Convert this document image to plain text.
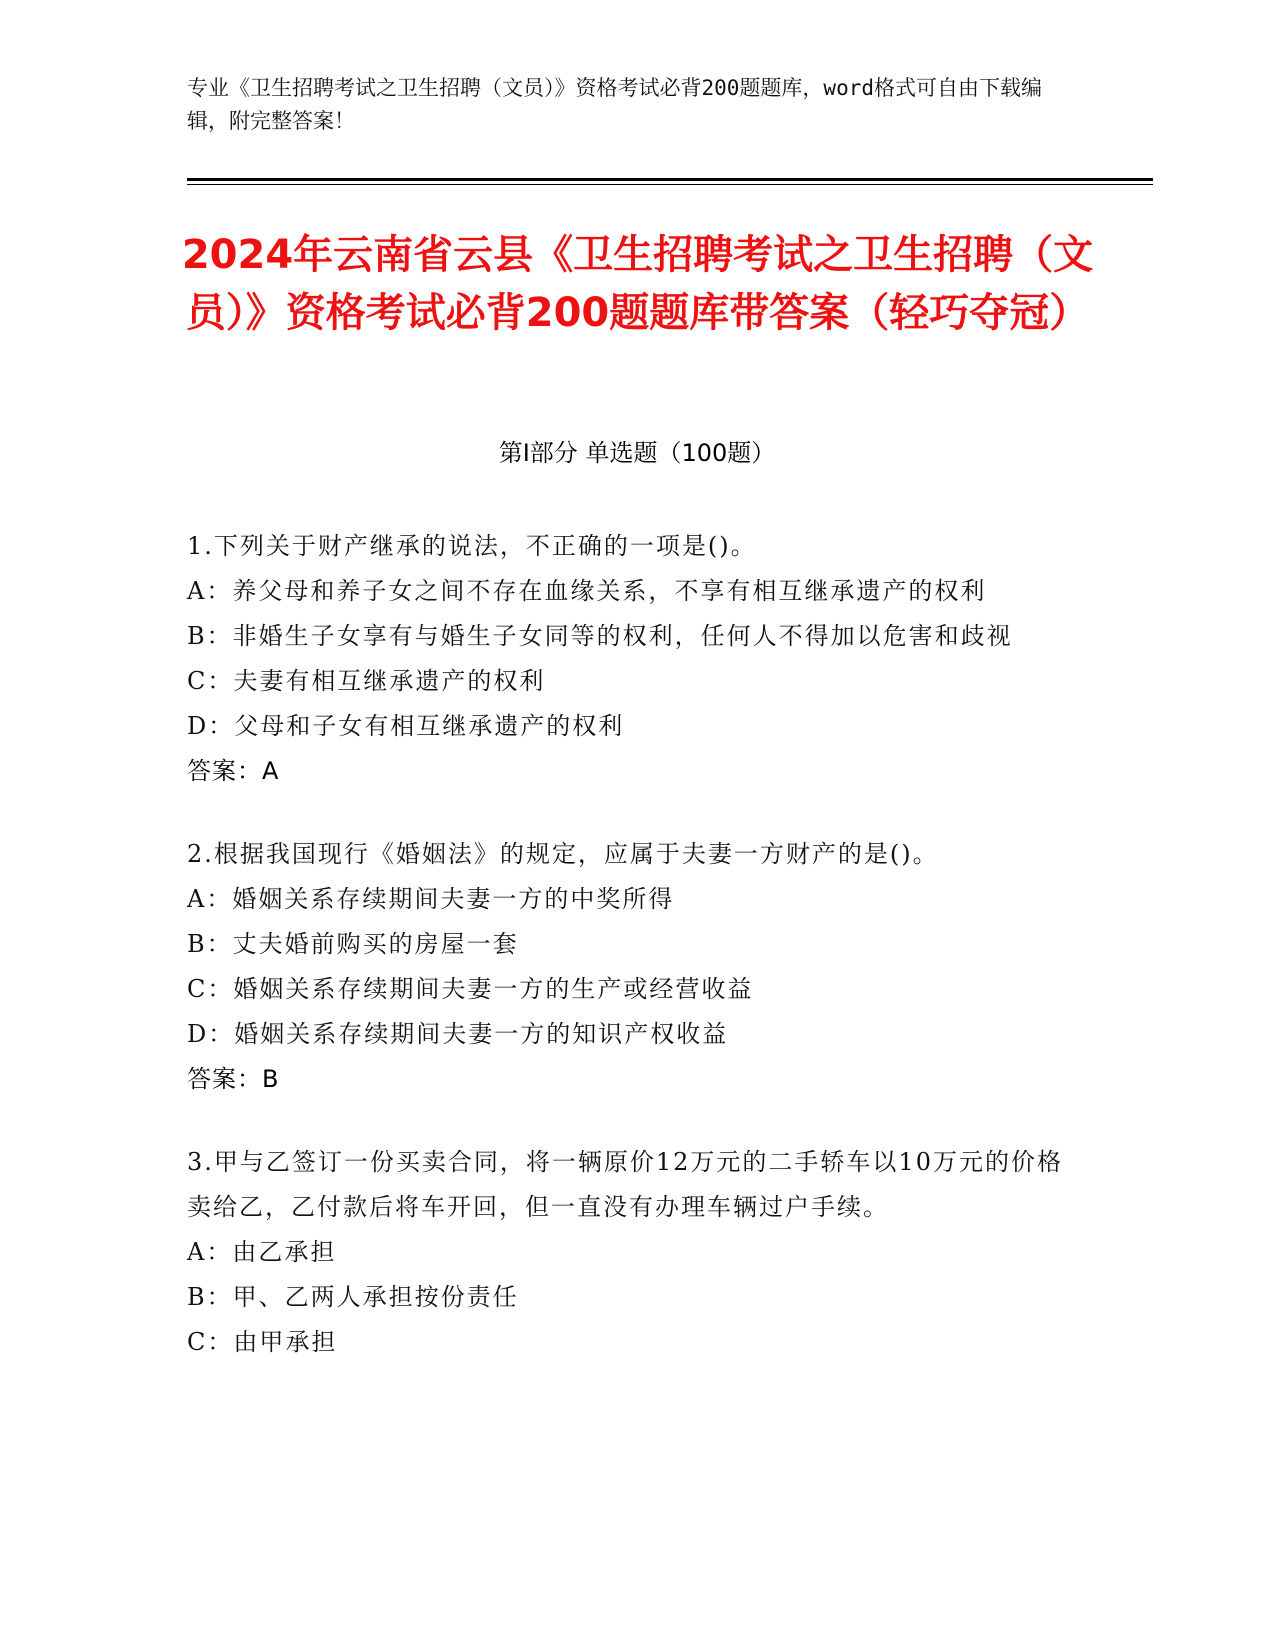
专业《卫生招聘考试之卫生招聘（文员）》资格考试必背200题题库，word格式可自由下载编辑，附完整答案！
2024年云南省云县《卫生招聘考试之卫生招聘（文员）》资格考试必背200题题库带答案（轻巧夺冠）
第I部分 单选题（100题）
1.下列关于财产继承的说法，不正确的一项是()。
A：养父母和养子女之间不存在血缘关系，不享有相互继承遗产的权利
B：非婚生子女享有与婚生子女同等的权利，任何人不得加以危害和歧视
C：夫妻有相互继承遗产的权利
D：父母和子女有相互继承遗产的权利
答案：A
2.根据我国现行《婚姻法》的规定，应属于夫妻一方财产的是()。
A：婚姻关系存续期间夫妻一方的中奖所得
B：丈夫婚前购买的房屋一套
C：婚姻关系存续期间夫妻一方的生产或经营收益
D：婚姻关系存续期间夫妻一方的知识产权收益
答案：B
3.甲与乙签订一份买卖合同，将一辆原价12万元的二手轿车以10万元的价格卖给乙，乙付款后将车开回，但一直没有办理车辆过户手续。
A：由乙承担
B：甲、乙两人承担按份责任
C：由甲承担
